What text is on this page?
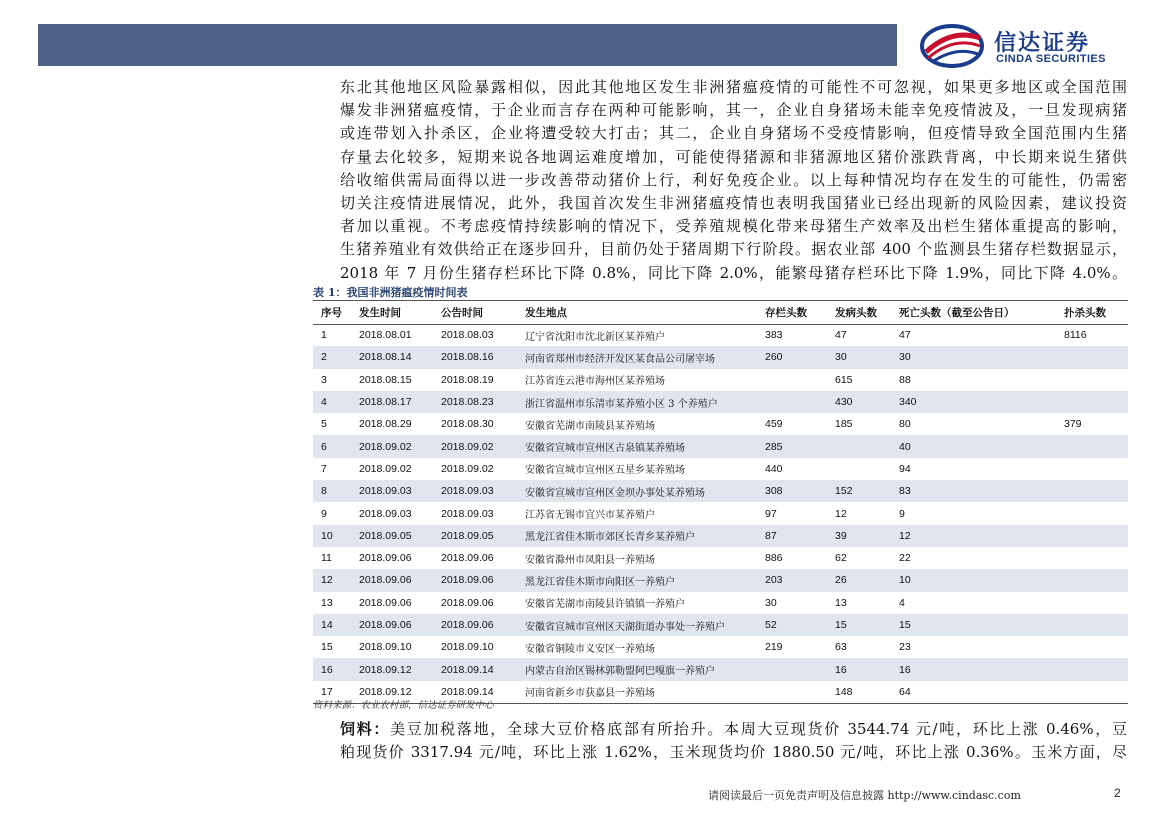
信达证券
CINDA SECURITIES
东北其他地区风险暴露相似，因此其他地区发生非洲猪瘟疫情的可能性不可忽视，如果更多地区或全国范围
爆发非洲猪瘟疫情，于企业而言存在两种可能影响，其一，企业自身猪场未能幸免疫情波及，一旦发现病猪
或连带划入扑杀区，企业将遭受较大打击；其二，企业自身猪场不受疫情影响，但疫情导致全国范围内生猪
存量去化较多，短期来说各地调运难度增加，可能使得猪源和非猪源地区猪价涨跌背离，中长期来说生猪供
给收缩供需局面得以进一步改善带动猪价上行，利好免疫企业。以上每种情况均存在发生的可能性，仍需密
切关注疫情进展情况，此外，我国首次发生非洲猪瘟疫情也表明我国猪业已经出现新的风险因素，建议投资
者加以重视。不考虑疫情持续影响的情况下，受养殖规模化带来母猪生产效率及出栏生猪体重提高的影响，
生猪养殖业有效供给正在逐步回升，目前仍处于猪周期下行阶段。据农业部 400 个监测县生猪存栏数据显示，
2018 年 7 月份生猪存栏环比下降 0.8%，同比下降 2.0%，能繁母猪存栏环比下降 1.9%，同比下降 4.0%。
表 1：我国非洲猪瘟疫情时间表
序号	发生时间	公告时间	发生地点	存栏头数	发病头数	死亡头数（截至公告日）	扑杀头数
1	2018.08.01	2018.08.03	辽宁省沈阳市沈北新区某养殖户	383	47	47	8116
2	2018.08.14	2018.08.16	河南省郑州市经济开发区某食品公司屠宰场	260	30	30	
3	2018.08.15	2018.08.19	江苏省连云港市海州区某养殖场		615	88	
4	2018.08.17	2018.08.23	浙江省温州市乐清市某养殖小区 3 个养殖户		430	340	
5	2018.08.29	2018.08.30	安徽省芜湖市南陵县某养殖场	459	185	80	379
6	2018.09.02	2018.09.02	安徽省宣城市宣州区古泉镇某养殖场	285		40	
7	2018.09.02	2018.09.02	安徽省宣城市宣州区五星乡某养殖场	440		94	
8	2018.09.03	2018.09.03	安徽省宣城市宣州区金坝办事处某养殖场	308	152	83	
9	2018.09.03	2018.09.03	江苏省无锡市宜兴市某养殖户	97	12	9	
10	2018.09.05	2018.09.05	黑龙江省佳木斯市郊区长青乡某养殖户	87	39	12	
11	2018.09.06	2018.09.06	安徽省滁州市凤阳县一养殖场	886	62	22	
12	2018.09.06	2018.09.06	黑龙江省佳木斯市向阳区一养殖户	203	26	10	
13	2018.09.06	2018.09.06	安徽省芜湖市南陵县许镇镇一养殖户	30	13	4	
14	2018.09.06	2018.09.06	安徽省宣城市宣州区天湖街道办事处一养殖户	52	15	15	
15	2018.09.10	2018.09.10	安徽省铜陵市义安区一养殖场	219	63	23	
16	2018.09.12	2018.09.14	内蒙古自治区锡林郭勒盟阿巴嘎旗一养殖户		16	16	
17	2018.09.12	2018.09.14	河南省新乡市获嘉县一养殖场		148	64	
资料来源：农业农村部，信达证券研发中心
饲料：美豆加税落地，全球大豆价格底部有所抬升。本周大豆现货价 3544.74 元/吨，环比上涨 0.46%，豆
粕现货价 3317.94 元/吨，环比上涨 1.62%，玉米现货均价 1880.50 元/吨，环比上涨 0.36%。玉米方面，尽
请阅读最后一页免责声明及信息披露 http://www.cindasc.com	2
